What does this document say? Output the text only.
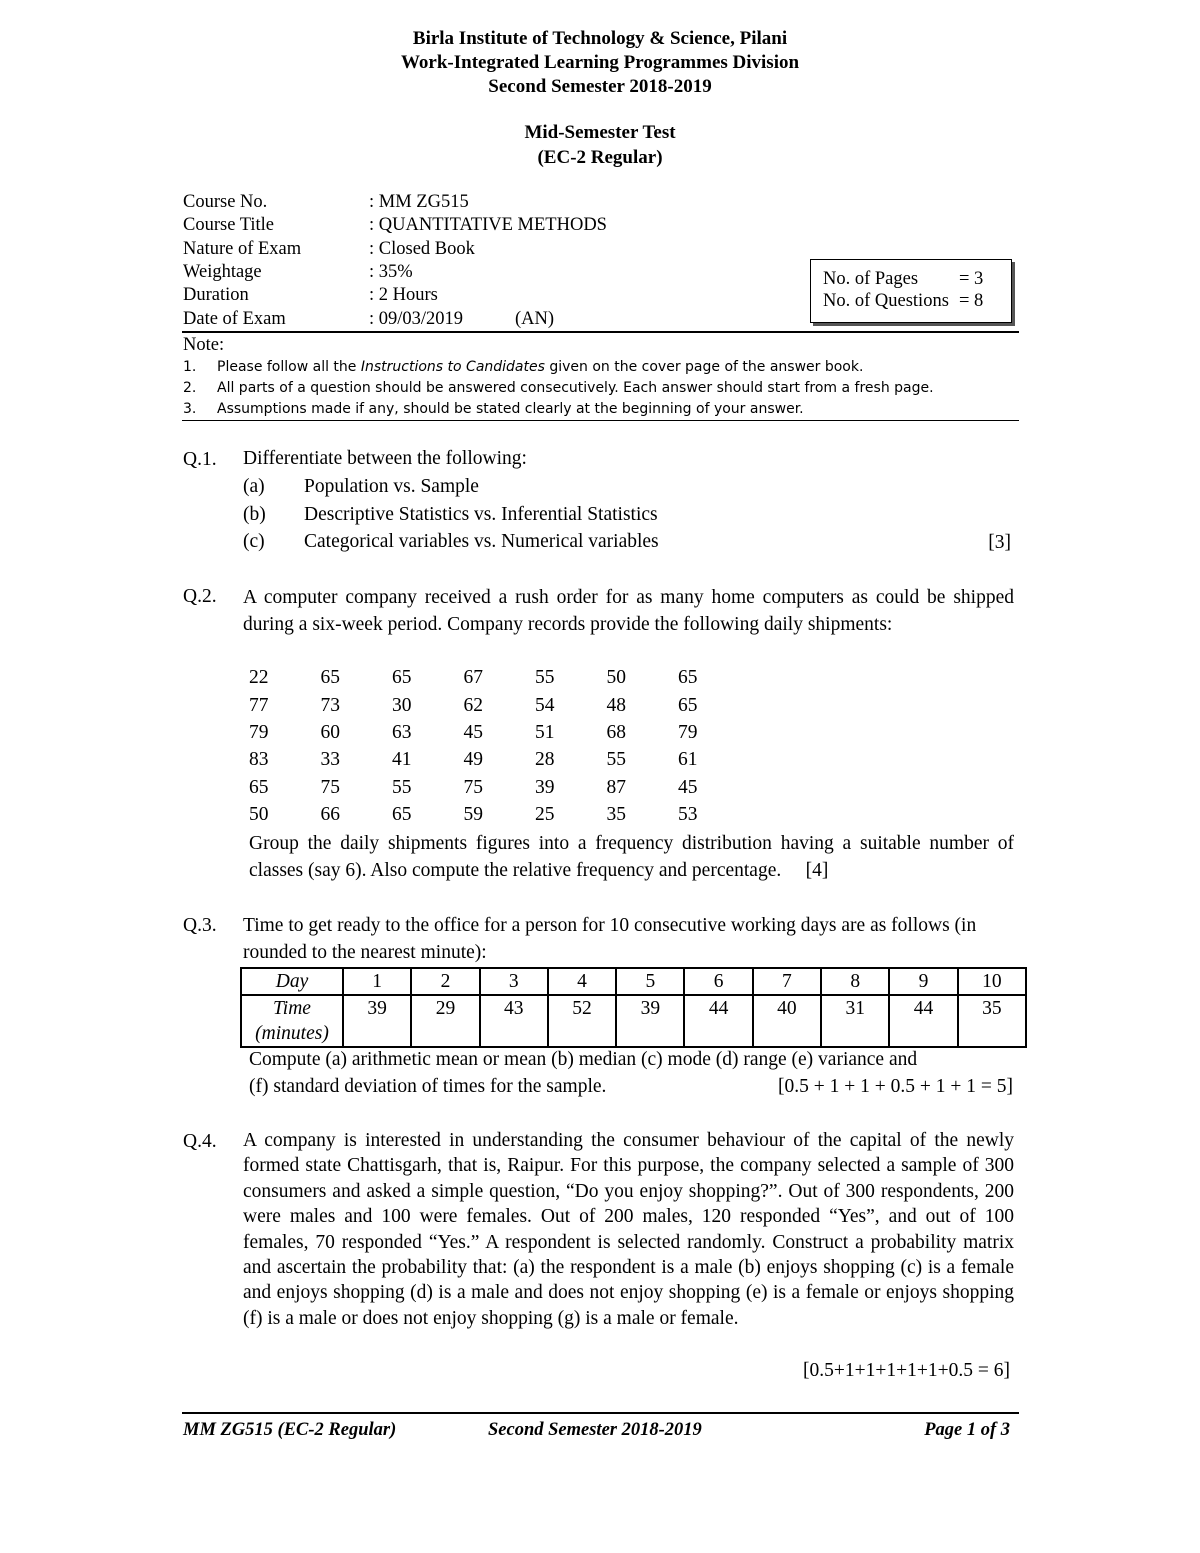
Birla Institute of Technology & Science, Pilani
Work-Integrated Learning Programmes Division
Second Semester 2018-2019
Mid-Semester Test
(EC-2 Regular)
Course No.	: MM ZG515
Course Title	: QUANTITATIVE METHODS
Nature of Exam	: Closed Book
Weightage	: 35%
Duration	: 2 Hours
Date of Exam	: 09/03/2019	(AN)
No. of Pages = 3
No. of Questions = 8
Note:
1. Please follow all the Instructions to Candidates given on the cover page of the answer book.
2. All parts of a question should be answered consecutively. Each answer should start from a fresh page.
3. Assumptions made if any, should be stated clearly at the beginning of your answer.
Q.1. Differentiate between the following:
(a) Population vs. Sample
(b) Descriptive Statistics vs. Inferential Statistics
(c) Categorical variables vs. Numerical variables	[3]
Q.2. A computer company received a rush order for as many home computers as could be shipped during a six-week period. Company records provide the following daily shipments:
22	65	65	67	55	50	65
77	73	30	62	54	48	65
79	60	63	45	51	68	79
83	33	41	49	28	55	61
65	75	55	75	39	87	45
50	66	65	59	25	35	53
Group the daily shipments figures into a frequency distribution having a suitable number of classes (say 6). Also compute the relative frequency and percentage. [4]
Q.3. Time to get ready to the office for a person for 10 consecutive working days are as follows (in rounded to the nearest minute):
Day	1	2	3	4	5	6	7	8	9	10

Time
(minutes)	39	29	43	52	39	44	40	31	44	35
Compute (a) arithmetic mean or mean (b) median (c) mode (d) range (e) variance and
(f) standard deviation of times for the sample.	[0.5 + 1 + 1 + 0.5 + 1 + 1 = 5]
Q.4. A company is interested in understanding the consumer behaviour of the capital of the newly formed state Chattisgarh, that is, Raipur. For this purpose, the company selected a sample of 300 consumers and asked a simple question, “Do you enjoy shopping?”. Out of 300 respondents, 200 were males and 100 were females. Out of 200 males, 120 responded “Yes”, and out of 100 females, 70 responded “Yes.” A respondent is selected randomly. Construct a probability matrix and ascertain the probability that: (a) the respondent is a male (b) enjoys shopping (c) is a female and enjoys shopping (d) is a male and does not enjoy shopping (e) is a female or enjoys shopping (f) is a male or does not enjoy shopping (g) is a male or female.
[0.5+1+1+1+1+1+0.5 = 6]
MM ZG515 (EC-2 Regular)	Second Semester 2018-2019	Page 1 of 3
